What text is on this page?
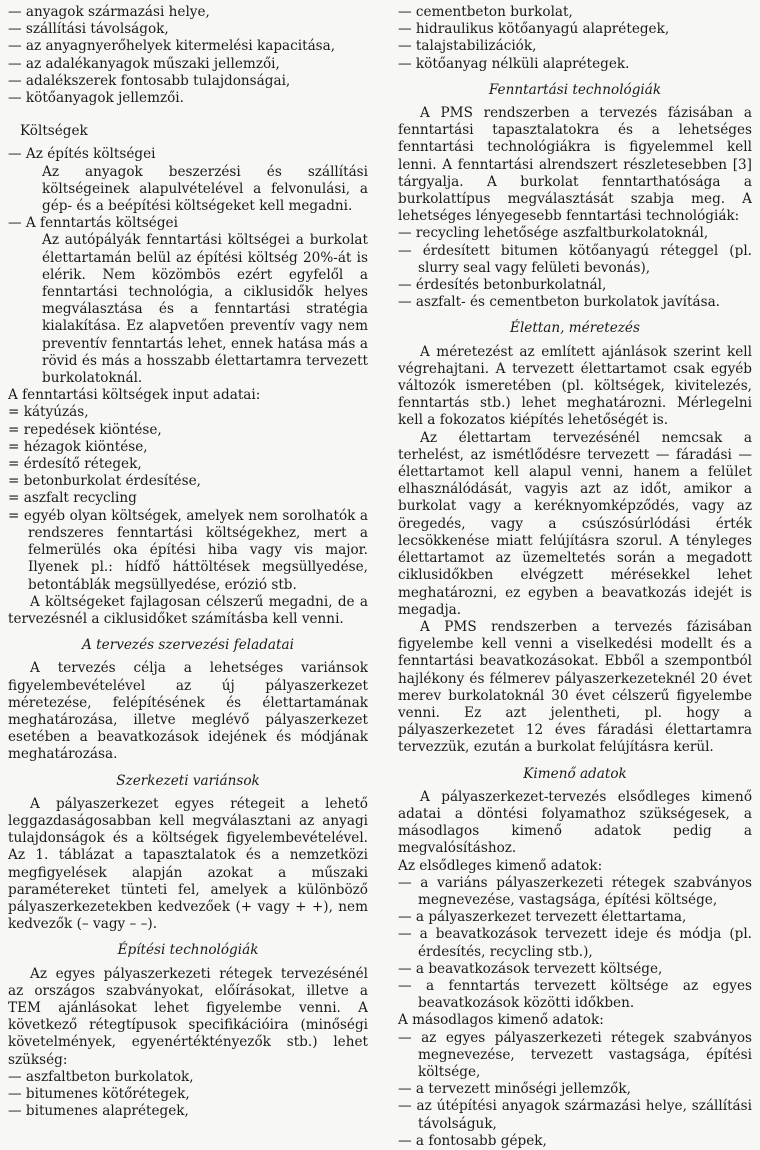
— anyagok származási helye,

— szállítási távolságok,

— az anyagnyerőhelyek kitermelési kapacitása,

— az adalékanyagok műszaki jellemzői,

— adalékszerek fontosabb tulajdonságai,

— kötőanyagok jellemzői.

Költségek

— Az építés költségei

Az anyagok beszerzési és szállítási költségeinek alapulvételével a felvonulási, a gép- és a beépítési költségeket kell megadni.

— A fenntartás költségei

Az autópályák fenntartási költségei a burkolat élettartamán belül az építési költség 20%-át is elérik. Nem közömbös ezért egyfelől a fenntartási technológia, a ciklusidők helyes megválasztása és a fenntartási stratégia kialakítása. Ez alapvetően preventív vagy nem preventív fenntartás lehet, ennek hatása más a rövid és más a hosszabb élettartamra tervezett burkolatoknál.

A fenntartási költségek input adatai:

= kátyúzás,

= repedések kiöntése,

= hézagok kiöntése,

= érdesítő rétegek,

= betonburkolat érdesítése,

= aszfalt recycling

= egyéb olyan költségek, amelyek nem sorolhatók a rendszeres fenntartási költségekhez, mert a felmerülés oka építési hiba vagy vis major. Ilyenek pl.: hídfő háttöltések megsüllyedése, betontáblák megsüllyedése, erózió stb.

A költségeket fajlagosan célszerű megadni, de a tervezésnél a ciklusidőket számításba kell venni.

A tervezés szervezési feladatai

A tervezés célja a lehetséges variánsok figyelembevételével az új pályaszerkezet méretezése, felépítésének és élettartamának meghatározása, illetve meglévő pályaszerkezet esetében a beavatkozások idejének és módjának meghatározása.

Szerkezeti variánsok

A pályaszerkezet egyes rétegeit a lehető leggazdaságosabban kell megválasztani az anyagi tulajdonságok és a költségek figyelembevételével. Az 1. táblázat a tapasztalatok és a nemzetközi megfigyelések alapján azokat a műszaki paramétereket tünteti fel, amelyek a különböző pályaszerkezetekben kedvezőek (+ vagy + +), nem kedvezők (– vagy – –).

Építési technológiák

Az egyes pályaszerkezeti rétegek tervezésénél az országos szabványokat, előírásokat, illetve a TEM ajánlásokat lehet figyelembe venni. A következő rétegtípusok specifikációira (minőségi követelmények, egyenértéktényezők stb.) lehet szükség:

— aszfaltbeton burkolatok,

— bitumenes kötőrétegek,

— bitumenes alaprétegek,

— cementbeton burkolat,

— hidraulikus kötőanyagú alaprétegek,

— talajstabilizációk,

— kötőanyag nélküli alaprétegek.

Fenntartási technológiák

A PMS rendszerben a tervezés fázisában a fenntartási tapasztalatokra és a lehetséges fenntartási technológiákra is figyelemmel kell lenni. A fenntartási alrendszert részletesebben [3] tárgyalja. A burkolat fenntarthatósága a burkolattípus megválasztását szabja meg. A lehetséges lényegesebb fenntartási technológiák:

— recycling lehetősége aszfaltburkolatoknál,

— érdesített bitumen kötőanyagú réteggel (pl. slurry seal vagy felületi bevonás),

— érdesítés betonburkolatnál,

— aszfalt- és cementbeton burkolatok javítása.

Élettan, méretezés

A méretezést az említett ajánlások szerint kell végrehajtani. A tervezett élettartamot csak egyéb változók ismeretében (pl. költségek, kivitelezés, fenntartás stb.) lehet meghatározni. Mérlegelni kell a fokozatos kiépítés lehetőségét is.

Az élettartam tervezésénél nemcsak a terhelést, az ismétlődésre tervezett — fáradási — élettartamot kell alapul venni, hanem a felület elhasználódását, vagyis azt az időt, amikor a burkolat vagy a keréknyomképződés, vagy az öregedés, vagy a csúszósúrlódási érték lecsökkenése miatt felújításra szorul. A tényleges élettartamot az üzemeltetés során a megadott ciklusidőkben elvégzett mérésekkel lehet meghatározni, ez egyben a beavatkozás idejét is megadja.

A PMS rendszerben a tervezés fázisában figyelembe kell venni a viselkedési modellt és a fenntartási beavatkozásokat. Ebből a szempontból hajlékony és félmerev pályaszerkezeteknél 20 évet merev burkolatoknál 30 évet célszerű figyelembe venni. Ez azt jelentheti, pl. hogy a pályaszerkezetet 12 éves fáradási élettartamra tervezzük, ezután a burkolat felújításra kerül.

Kimenő adatok

A pályaszerkezet-tervezés elsődleges kimenő adatai a döntési folyamathoz szükségesek, a másodlagos kimenő adatok pedig a megvalósításhoz.

Az elsődleges kimenő adatok:

— a variáns pályaszerkezeti rétegek szabványos megnevezése, vastagsága, építési költsége,

— a pályaszerkezet tervezett élettartama,

— a beavatkozások tervezett ideje és módja (pl. érdesítés, recycling stb.),

— a beavatkozások tervezett költsége,

— a fenntartás tervezett költsége az egyes beavatkozások közötti időkben.

A másodlagos kimenő adatok:

— az egyes pályaszerkezeti rétegek szabványos megnevezése, tervezett vastagsága, építési költsége,

— a tervezett minőségi jellemzők,

— az útépítési anyagok származási helye, szállítási távolságuk,

— a fontosabb gépek,
